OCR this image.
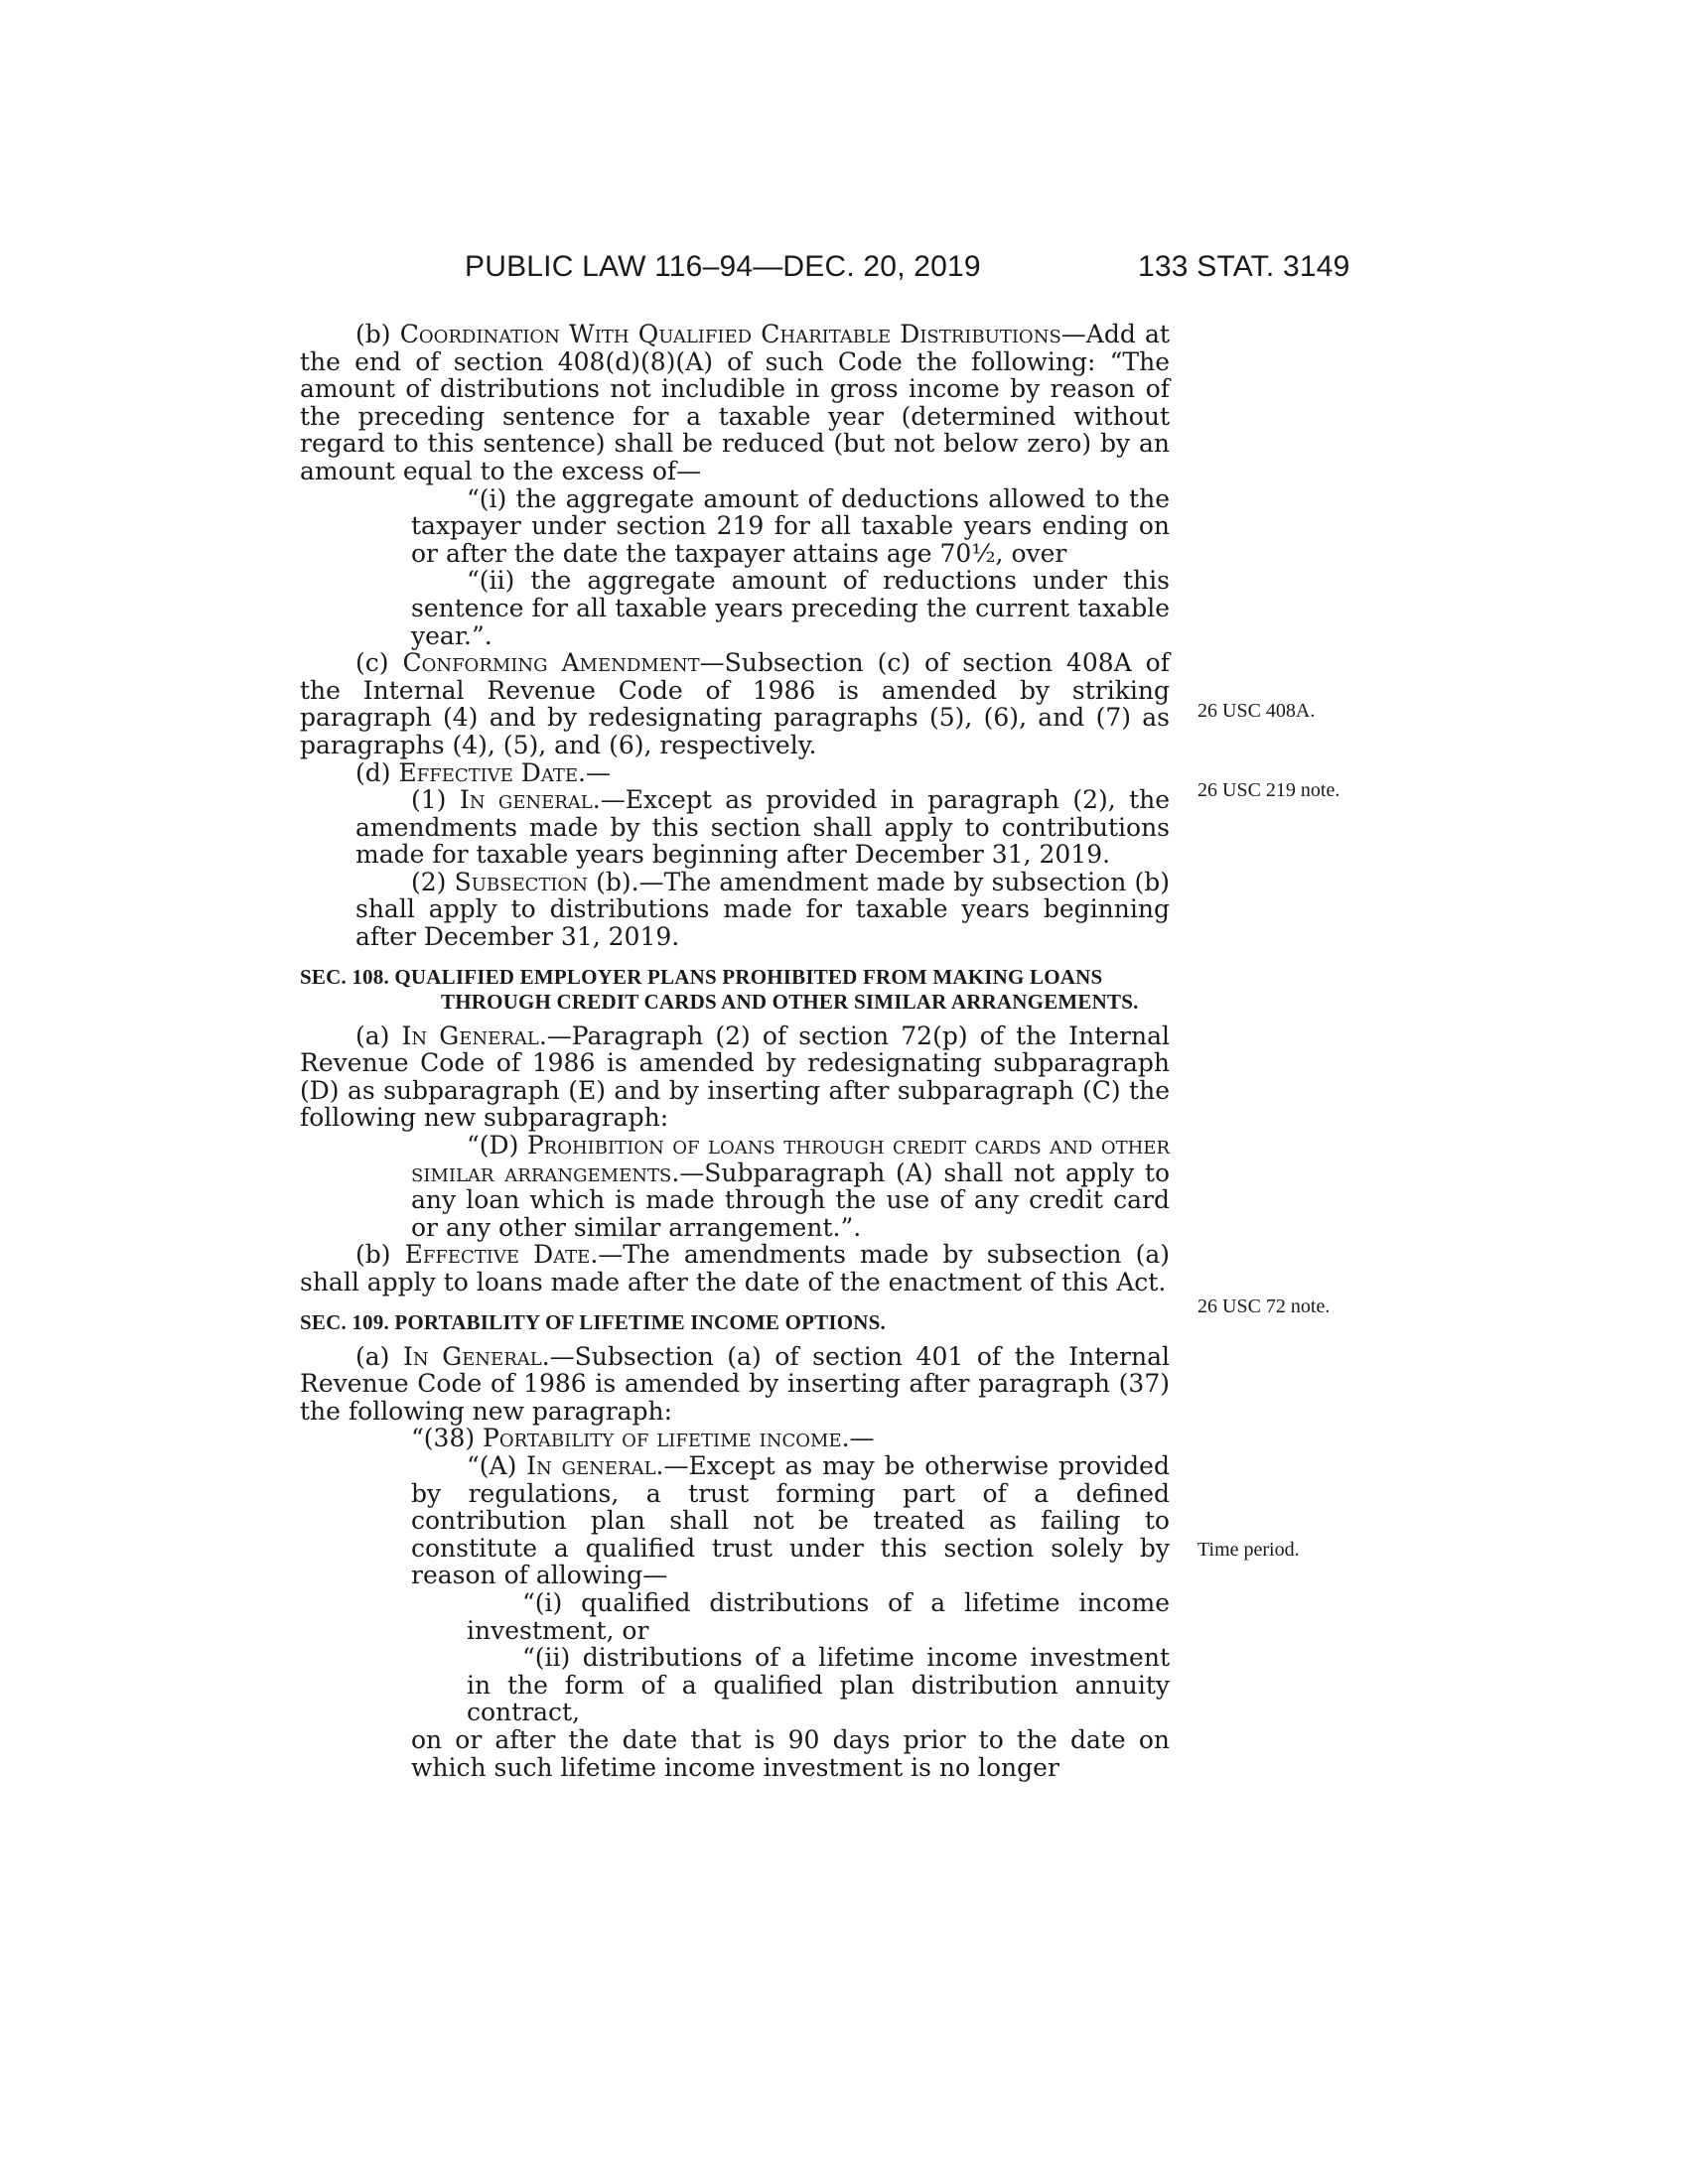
PUBLIC LAW 116–94—DEC. 20, 2019	133 STAT. 3149

(b) Coordination With Qualified Charitable Distributions—Add at the end of section 408(d)(8)(A) of such Code the following: “The amount of distributions not includible in gross income by reason of the preceding sentence for a taxable year (determined without regard to this sentence) shall be reduced (but not below zero) by an amount equal to the excess of—

“(i) the aggregate amount of deductions allowed to the taxpayer under section 219 for all taxable years ending on or after the date the taxpayer attains age 70½, over

“(ii) the aggregate amount of reductions under this sentence for all taxable years preceding the current taxable year.”.

(c) Conforming Amendment—Subsection (c) of section 408A of the Internal Revenue Code of 1986 is amended by striking paragraph (4) and by redesignating paragraphs (5), (6), and (7) as paragraphs (4), (5), and (6), respectively.

(d) Effective Date.—

(1) In general.—Except as provided in paragraph (2), the amendments made by this section shall apply to contributions made for taxable years beginning after December 31, 2019.

(2) Subsection (b).—The amendment made by subsection (b) shall apply to distributions made for taxable years beginning after December 31, 2019.

SEC. 108. QUALIFIED EMPLOYER PLANS PROHIBITED FROM MAKING LOANS THROUGH CREDIT CARDS AND OTHER SIMILAR ARRANGEMENTS.

(a) In General.—Paragraph (2) of section 72(p) of the Internal Revenue Code of 1986 is amended by redesignating subparagraph (D) as subparagraph (E) and by inserting after subparagraph (C) the following new subparagraph:

“(D) Prohibition of loans through credit cards and other similar arrangements.—Subparagraph (A) shall not apply to any loan which is made through the use of any credit card or any other similar arrangement.”.

(b) Effective Date.—The amendments made by subsection (a) shall apply to loans made after the date of the enactment of this Act.

SEC. 109. PORTABILITY OF LIFETIME INCOME OPTIONS.

(a) In General.—Subsection (a) of section 401 of the Internal Revenue Code of 1986 is amended by inserting after paragraph (37) the following new paragraph:

“(38) Portability of lifetime income.—

“(A) In general.—Except as may be otherwise provided by regulations, a trust forming part of a defined contribution plan shall not be treated as failing to constitute a qualified trust under this section solely by reason of allowing—

“(i) qualified distributions of a lifetime income investment, or

“(ii) distributions of a lifetime income investment in the form of a qualified plan distribution annuity contract,

on or after the date that is 90 days prior to the date on which such lifetime income investment is no longer

26 USC 408A.
26 USC 219 note.
26 USC 72 note.
Time period.
